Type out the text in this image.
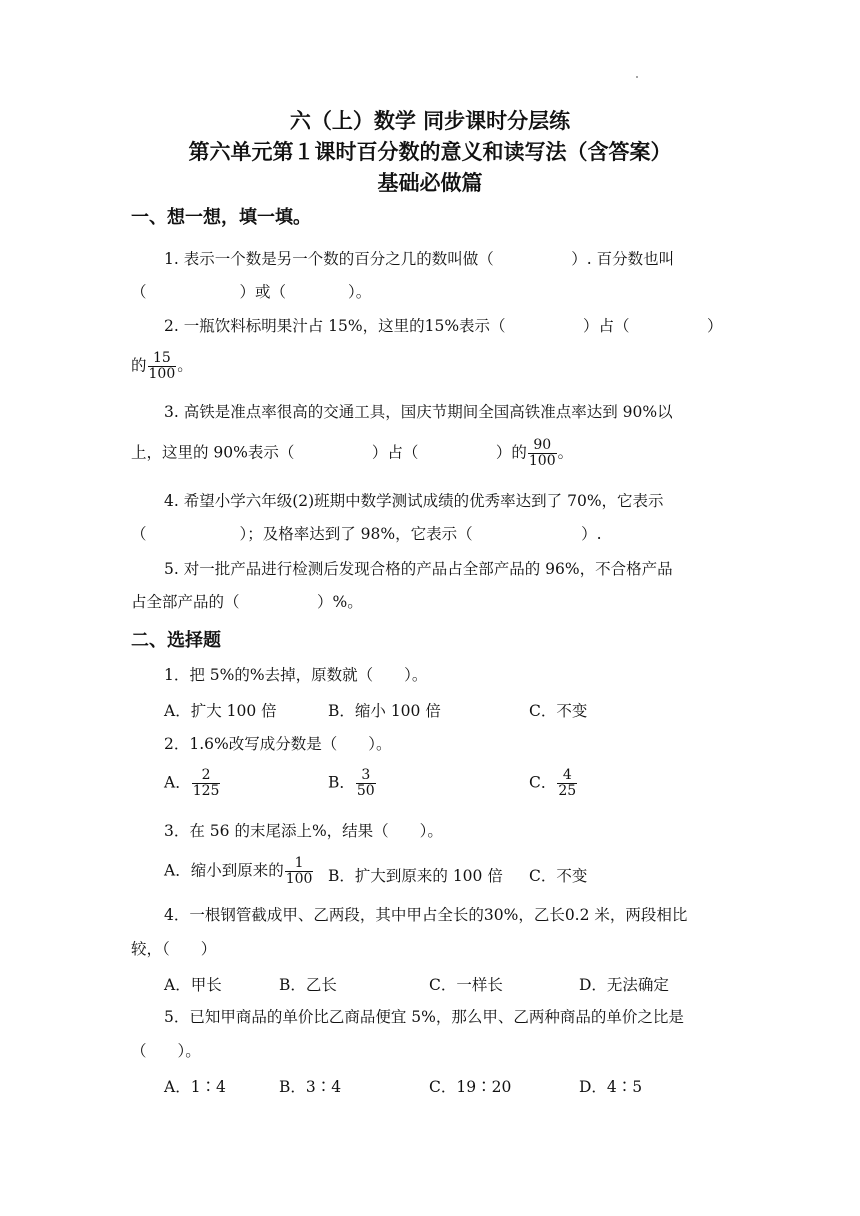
六（上）数学 同步课时分层练
第六单元第１课时百分数的意义和读写法（含答案）
基础必做篇
一、想一想，填一填。
1. 表示一个数是另一个数的百分之几的数叫做（　　　　　）. 百分数也叫
（　　　　　　）或（　　　　）。
2. 一瓶饮料标明果汁占 15%，这里的15%表示（　　　　　）占（　　　　　）
的 $\frac{15}{100}$ 。
3. 高铁是准点率很高的交通工具，国庆节期间全国高铁准点率达到 90%以
上，这里的 90%表示（　　　　　）占（　　　　　）的 $\frac{90}{100}$ 。
4. 希望小学六年级(2)班期中数学测试成绩的优秀率达到了 70%，它表示
（　　　　　　）；及格率达到了 98%，它表示（　　　　　　　）.
5. 对一批产品进行检测后发现合格的产品占全部产品的 96%，不合格产品
占全部产品的（　　　　　）%。
二、选择题
1．把 5%的%去掉，原数就（　　）。
A．扩大 100 倍	B．缩小 100 倍	C．不变
2．1.6%改写成分数是（　　）。
A． $\frac{2}{125}$	B． $\frac{3}{50}$	C． $\frac{4}{25}$
3．在 56 的末尾添上%，结果（　　）。
A．缩小到原来的 $\frac{1}{100}$ B．扩大到原来的 100 倍 C．不变
4．一根钢管截成甲、乙两段，其中甲占全长的30%，乙长0.2 米，两段相比
较，（　　）
A．甲长	B．乙长	C．一样长	D．无法确定
5．已知甲商品的单价比乙商品便宜 5%，那么甲、乙两种商品的单价之比是
（　　）。
A．1∶4	B．3∶4	C．19∶20	D．4∶5
